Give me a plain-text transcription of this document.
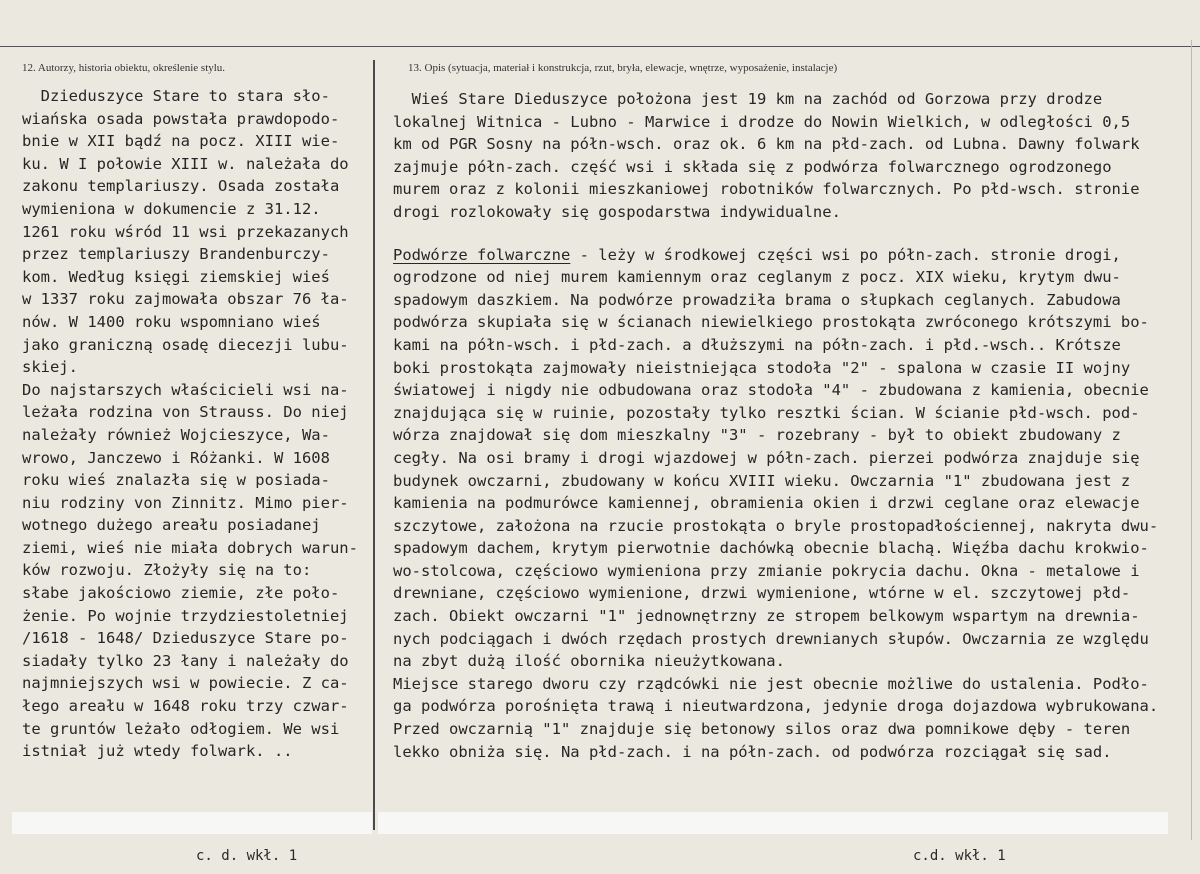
12. Autorzy, historia obiektu, określenie stylu.	13. Opis (sytuacja, materiał i konstrukcja, rzut, bryła, elewacje, wnętrze, wyposażenie, instalacje)

Dzieduszyce Stare to stara sło-

wiańska osada powstała prawdopodo-

bnie w XII bądź na pocz. XIII wie-

ku. W I połowie XIII w. należała do

zakonu templariuszy. Osada została

wymieniona w dokumencie z 31.12.

1261 roku wśród 11 wsi przekazanych

przez templariuszy Brandenburczy-

kom. Według księgi ziemskiej wieś

w 1337 roku zajmowała obszar 76 ła-

nów. W 1400 roku wspomniano wieś

jako graniczną osadę diecezji lubu-

skiej.

Do najstarszych właścicieli wsi na-

leżała rodzina von Strauss. Do niej

należały również Wojcieszyce, Wa-

wrowo, Janczewo i Różanki. W 1608

roku wieś znalazła się w posiada-

niu rodziny von Zinnitz. Mimo pier-

wotnego dużego areału posiadanej

ziemi, wieś nie miała dobrych warun-

ków rozwoju. Złożyły się na to:

słabe jakościowo ziemie, złe poło-

żenie. Po wojnie trzydziestoletniej

/1618 - 1648/ Dzieduszyce Stare po-

siadały tylko 23 łany i należały do

najmniejszych wsi w powiecie. Z ca-

łego areału w 1648 roku trzy czwar-

te gruntów leżało odłogiem. We wsi

istniał już wtedy folwark. ..

Wieś Stare Dieduszyce położona jest 19 km na zachód od Gorzowa przy drodze

lokalnej Witnica - Lubno - Marwice i drodze do Nowin Wielkich, w odległości 0,5

km od PGR Sosny na półn-wsch. oraz ok. 6 km na płd-zach. od Lubna. Dawny folwark

zajmuje półn-zach. część wsi i składa się z podwórza folwarcznego ogrodzonego

murem oraz z kolonii mieszkaniowej robotników folwarcznych. Po płd-wsch. stronie

drogi rozlokowały się gospodarstwa indywidualne.

Podwórze folwarczne - leży w środkowej części wsi po półn-zach. stronie drogi,

ogrodzone od niej murem kamiennym oraz ceglanym z pocz. XIX wieku, krytym dwu-

spadowym daszkiem. Na podwórze prowadziła brama o słupkach ceglanych. Zabudowa

podwórza skupiała się w ścianach niewielkiego prostokąta zwróconego krótszymi bo-

kami na półn-wsch. i płd-zach. a dłuższymi na półn-zach. i płd.-wsch.. Krótsze

boki prostokąta zajmowały nieistniejąca stodoła "2" - spalona w czasie II wojny

światowej i nigdy nie odbudowana oraz stodoła "4" - zbudowana z kamienia, obecnie

znajdująca się w ruinie, pozostały tylko resztki ścian. W ścianie płd-wsch. pod-

wórza znajdował się dom mieszkalny "3" - rozebrany - był to obiekt zbudowany z

cegły. Na osi bramy i drogi wjazdowej w półn-zach. pierzei podwórza znajduje się

budynek owczarni, zbudowany w końcu XVIII wieku. Owczarnia "1" zbudowana jest z

kamienia na podmurówce kamiennej, obramienia okien i drzwi ceglane oraz elewacje

szczytowe, założona na rzucie prostokąta o bryle prostopadłościennej, nakryta dwu-

spadowym dachem, krytym pierwotnie dachówką obecnie blachą. Więźba dachu krokwio-

wo-stolcowa, częściowo wymieniona przy zmianie pokrycia dachu. Okna - metalowe i

drewniane, częściowo wymienione, drzwi wymienione, wtórne w el. szczytowej płd-

zach. Obiekt owczarni "1" jednownętrzny ze stropem belkowym wspartym na drewnia-

nych podciągach i dwóch rzędach prostych drewnianych słupów. Owczarnia ze względu

na zbyt dużą ilość obornika nieużytkowana.

Miejsce starego dworu czy rządcówki nie jest obecnie możliwe do ustalenia. Podło-

ga podwórza porośnięta trawą i nieutwardzona, jedynie droga dojazdowa wybrukowana.

Przed owczarnią "1" znajduje się betonowy silos oraz dwa pomnikowe dęby - teren

lekko obniża się. Na płd-zach. i na półn-zach. od podwórza rozciągał się sad.

c. d. wkł. 1	c.d. wkł. 1
